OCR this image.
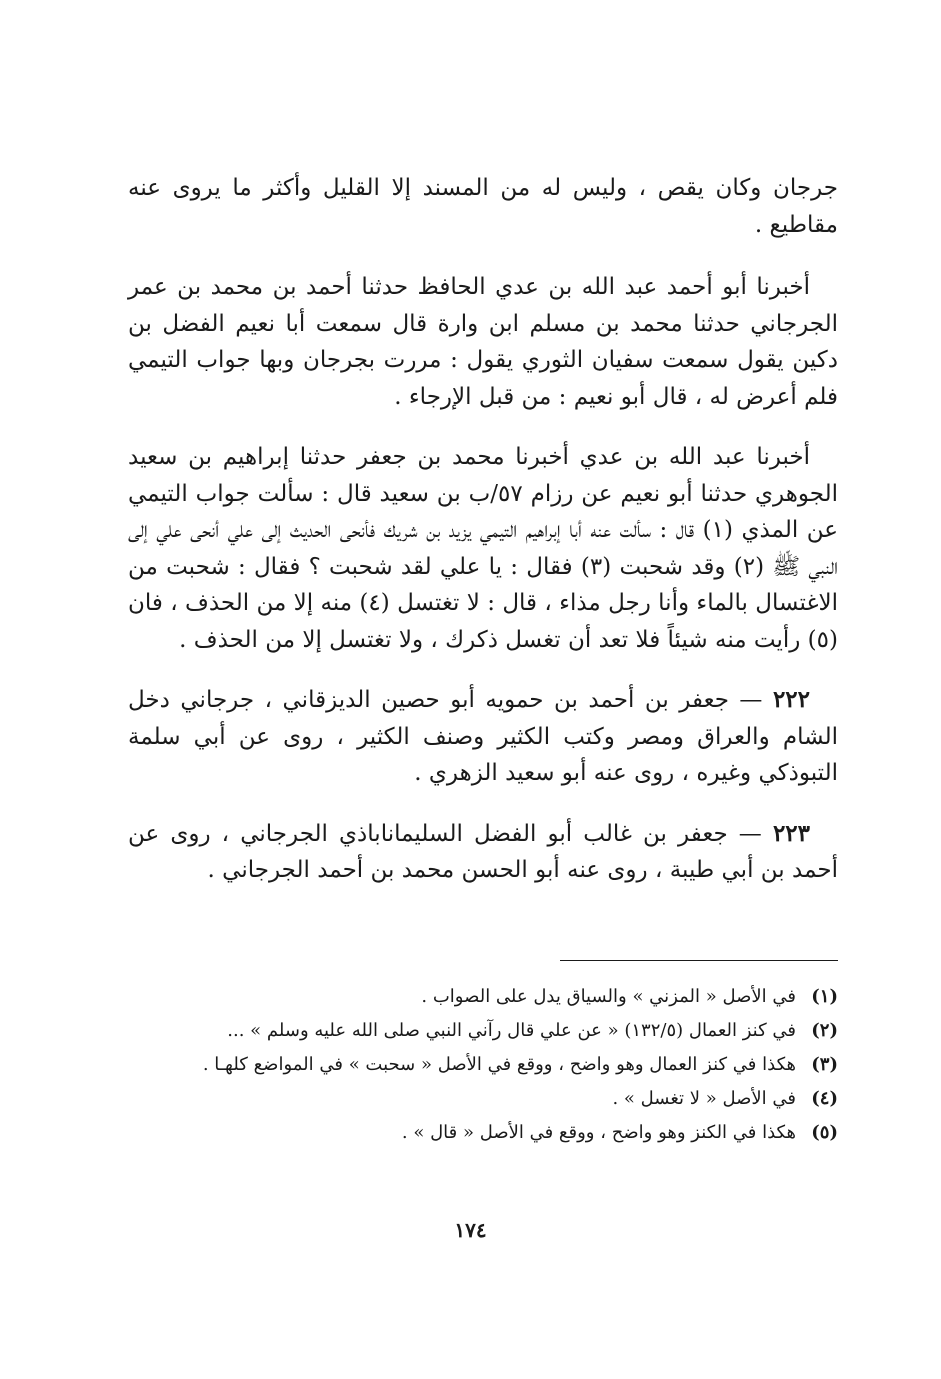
جرجان وكان يقص ، وليس له من المسند إلا القليل وأكثر ما يروى عنه مقاطيع .

أخبرنا أبو أحمد عبد الله بن عدي الحافظ حدثنا أحمد بن محمد بن عمر الجرجاني حدثنا محمد بن مسلم ابن وارة قال سمعت أبا نعيم الفضل بن دكين يقول سمعت سفيان الثوري يقول : مررت بجرجان وبها جواب التيمي فلم أعرض له ، قال أبو نعيم : من قبل الإرجاء .

أخبرنا عبد الله بن عدي أخبرنا محمد بن جعفر حدثنا إبراهيم بن سعيد الجوهري حدثنا أبو نعيم عن رزام ٥٧/ب بن سعيد قال : سألت جواب التيمي عن المذي (١) قال : سألت عنه أبا إبراهيم التيمي يزيد بن شريك فأنحى الحديث إلى علي أنحى علي إلى النبي ﷺ (٢) وقد شحبت (٣) فقال : يا علي لقد شحبت ؟ فقال : شحبت من الاغتسال بالماء وأنا رجل مذاء ، قال : لا تغتسل (٤) منه إلا من الحذف ، فان (٥) رأيت منه شيئاً فلا تعد أن تغسل ذكرك ، ولا تغتسل إلا من الحذف .

٢٢٢ — جعفر بن أحمد بن حمويه أبو حصين الديزقاني ، جرجاني دخل الشام والعراق ومصر وكتب الكثير وصنف الكثير ، روى عن أبي سلمة التبوذكي وغيره ، روى عنه أبو سعيد الزهري .

٢٢٣ — جعفر بن غالب أبو الفضل السليماناباذي الجرجاني ، روى عن أحمد بن أبي طيبة ، روى عنه أبو الحسن محمد بن أحمد الجرجاني .

(١)
في الأصل « المزني » والسياق يدل على الصواب .
(٢)
في كنز العمال (١٣٢/٥) « عن علي قال رآني النبي صلى الله عليه وسلم » ...
(٣)
هكذا في كنز العمال وهو واضح ، ووقع في الأصل « سحبت » في المواضع كلهـا .
(٤)
في الأصل « لا تغسل » .
(٥)
هكذا في الكنز وهو واضح ، ووقع في الأصل « قال » .
١٧٤
